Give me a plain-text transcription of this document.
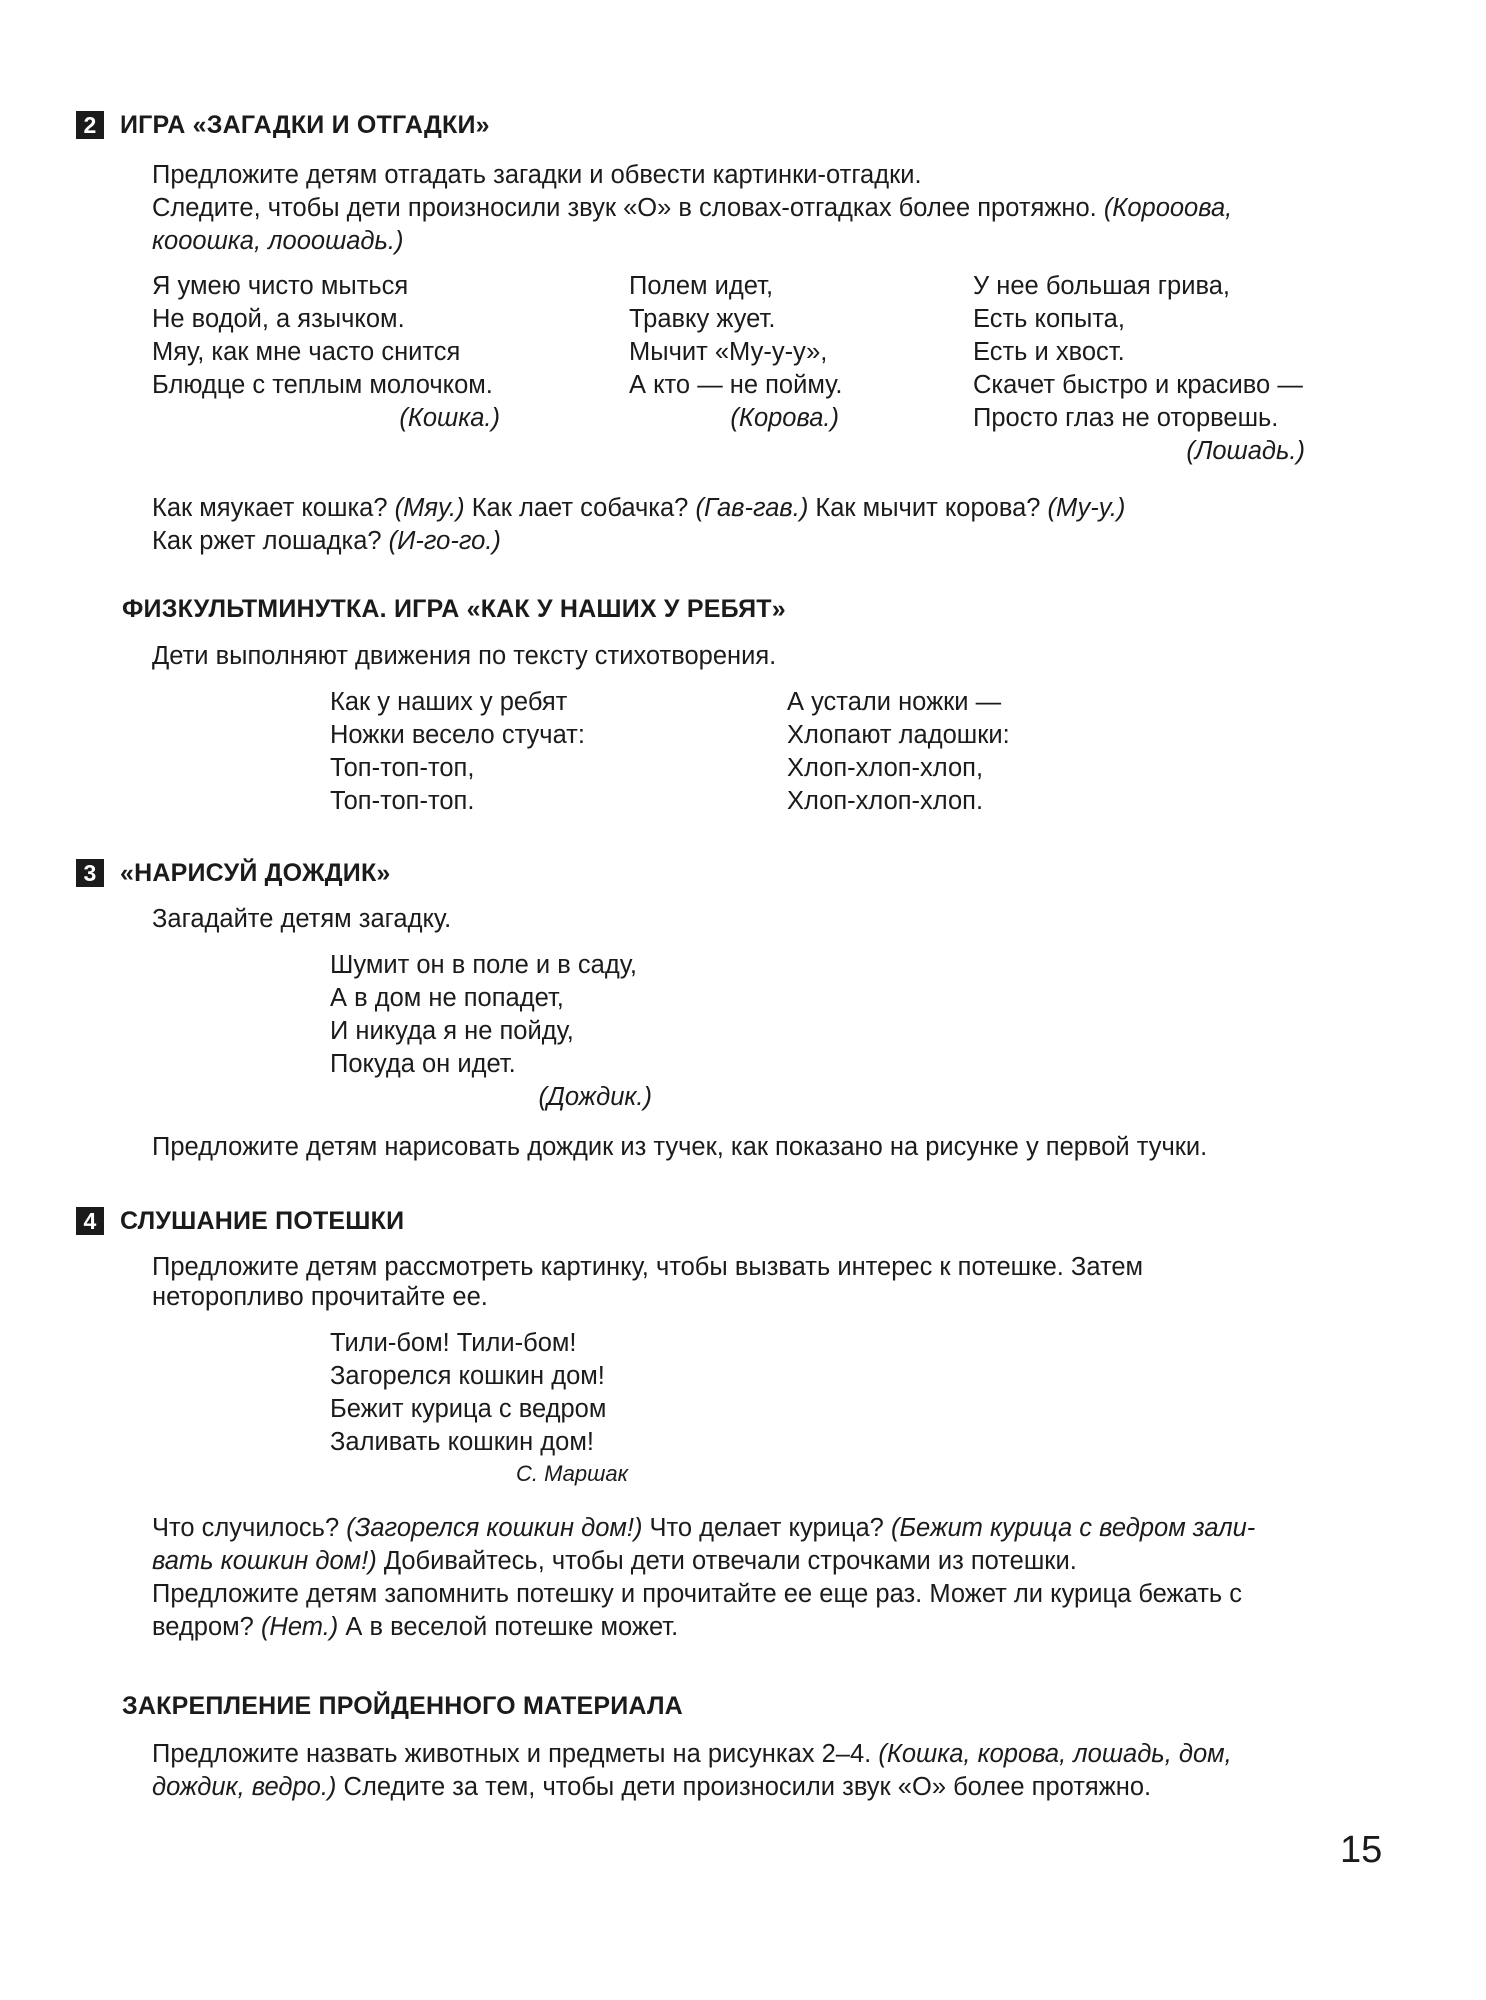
2 ИГРА «ЗАГАДКИ И ОТГАДКИ»

Предложите детям отгадать загадки и обвести картинки-отгадки.

Следите, чтобы дети произносили звук «О» в словах-отгадках более протяжно. (Корооова,

кооошка, лооошадь.)

Я умею чисто мыться
Не водой, а язычком.
Мяу, как мне часто снится
Блюдце с теплым молочком.
(Кошка.)
Полем идет,
Травку жует.
Мычит «Му-у-у»,
А кто — не пойму.
(Корова.)
У нее большая грива,
Есть копыта,
Есть и хвост.
Скачет быстро и красиво —
Просто глаз не оторвешь.
(Лошадь.)

Как мяукает кошка? (Мяу.) Как лает собачка? (Гав-гав.) Как мычит корова? (Му-у.)

Как ржет лошадка? (И-го-го.)

ФИЗКУЛЬТМИНУТКА. ИГРА «КАК У НАШИХ У РЕБЯТ»

Дети выполняют движения по тексту стихотворения.

Как у наших у ребят
Ножки весело стучат:
Топ-топ-топ,
Топ-топ-топ.
А устали ножки —
Хлопают ладошки:
Хлоп-хлоп-хлоп,
Хлоп-хлоп-хлоп.
3 «НАРИСУЙ ДОЖДИК»

Загадайте детям загадку.

Шумит он в поле и в саду,
А в дом не попадет,
И никуда я не пойду,
Покуда он идет.
(Дождик.)

Предложите детям нарисовать дождик из тучек, как показано на рисунке у первой тучки.

4 СЛУШАНИЕ ПОТЕШКИ

Предложите детям рассмотреть картинку, чтобы вызвать интерес к потешке. Затем

неторопливо прочитайте ее.

Тили-бом! Тили-бом!
Загорелся кошкин дом!
Бежит курица с ведром
Заливать кошкин дом!
С. Маршак

Что случилось? (Загорелся кошкин дом!) Что делает курица? (Бежит курица с ведром зали-

вать кошкин дом!) Добивайтесь, чтобы дети отвечали строчками из потешки.

Предложите детям запомнить потешку и прочитайте ее еще раз. Может ли курица бежать с

ведром? (Нет.) А в веселой потешке может.

ЗАКРЕПЛЕНИЕ ПРОЙДЕННОГО МАТЕРИАЛА

Предложите назвать животных и предметы на рисунках 2–4. (Кошка, корова, лошадь, дом,

дождик, ведро.) Следите за тем, чтобы дети произносили звук «О» более протяжно.

15
